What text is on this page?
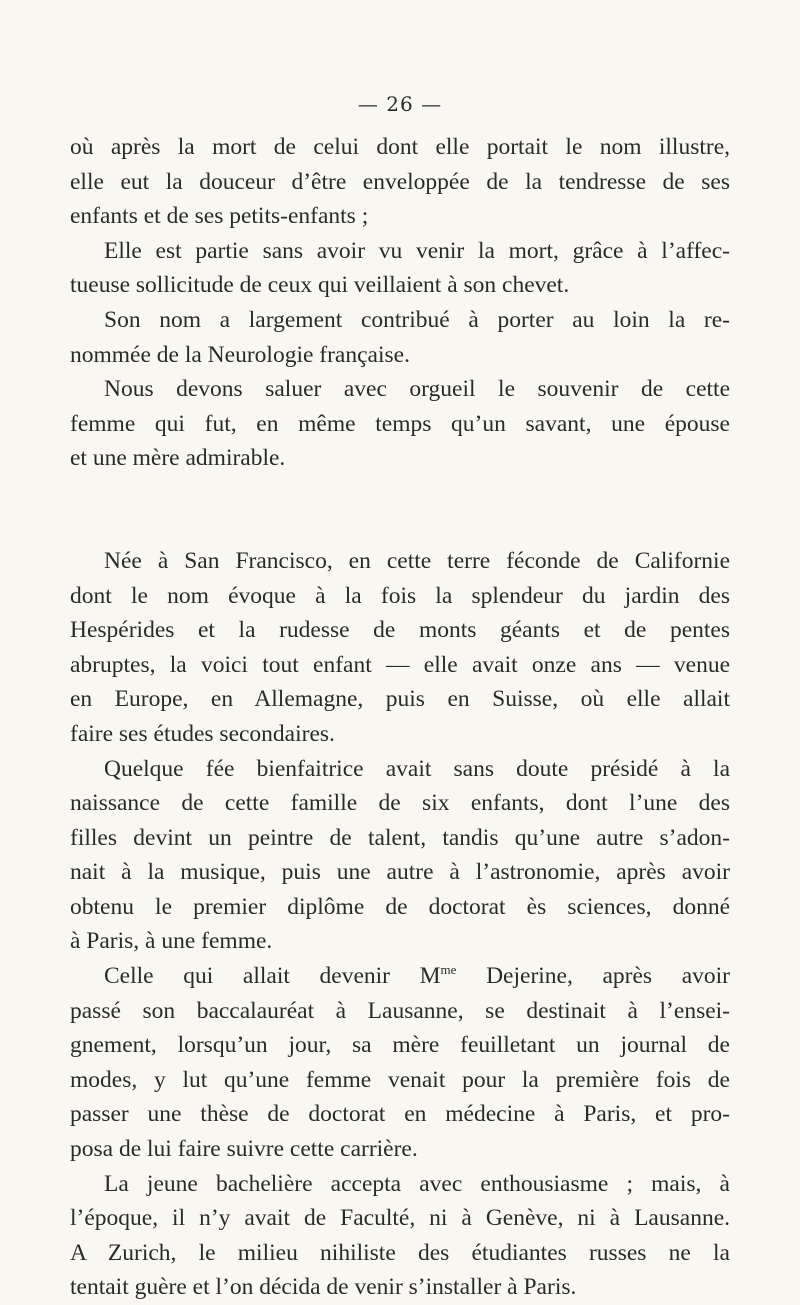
— 26 —
où après la mort de celui dont elle portait le nom illustre,
elle eut la douceur d’être enveloppée de la tendresse de ses
enfants et de ses petits-enfants ;
Elle est partie sans avoir vu venir la mort, grâce à l’affec-
tueuse sollicitude de ceux qui veillaient à son chevet.
Son nom a largement contribué à porter au loin la re-
nommée de la Neurologie française.
Nous devons saluer avec orgueil le souvenir de cette
femme qui fut, en même temps qu’un savant, une épouse
et une mère admirable.
Née à San Francisco, en cette terre féconde de Californie
dont le nom évoque à la fois la splendeur du jardin des
Hespérides et la rudesse de monts géants et de pentes
abruptes, la voici tout enfant — elle avait onze ans — venue
en Europe, en Allemagne, puis en Suisse, où elle allait
faire ses études secondaires.
Quelque fée bienfaitrice avait sans doute présidé à la
naissance de cette famille de six enfants, dont l’une des
filles devint un peintre de talent, tandis qu’une autre s’adon-
nait à la musique, puis une autre à l’astronomie, après avoir
obtenu le premier diplôme de doctorat ès sciences, donné
à Paris, à une femme.
Celle qui allait devenir $M^{me}$ Dejerine, après avoir
passé son baccalauréat à Lausanne, se destinait à l’ensei-
gnement, lorsqu’un jour, sa mère feuilletant un journal de
modes, y lut qu’une femme venait pour la première fois de
passer une thèse de doctorat en médecine à Paris, et pro-
posa de lui faire suivre cette carrière.
La jeune bachelière accepta avec enthousiasme ; mais, à
l’époque, il n’y avait de Faculté, ni à Genève, ni à Lausanne.
A Zurich, le milieu nihiliste des étudiantes russes ne la
tentait guère et l’on décida de venir s’installer à Paris.
